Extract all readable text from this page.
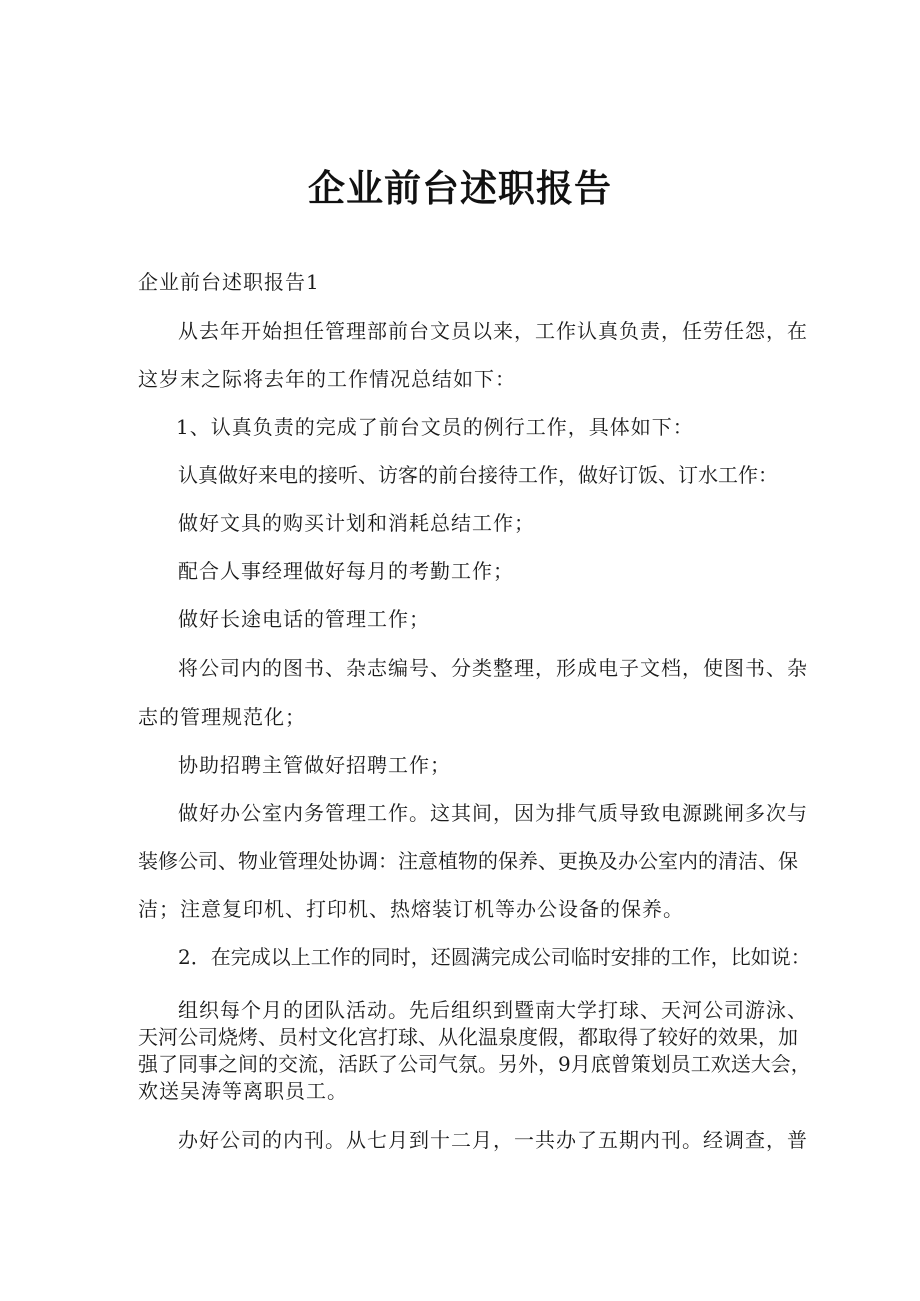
企业前台述职报告
企业前台述职报告1
从去年开始担任管理部前台文员以来，工作认真负责，任劳任怨，在
这岁末之际将去年的工作情况总结如下：
1、认真负责的完成了前台文员的例行工作，具体如下：
认真做好来电的接听、访客的前台接待工作，做好订饭、订水工作：
做好文具的购买计划和消耗总结工作；
配合人事经理做好每月的考勤工作；
做好长途电话的管理工作；
将公司内的图书、杂志编号、分类整理，形成电子文档，使图书、杂
志的管理规范化；
协助招聘主管做好招聘工作；
做好办公室内务管理工作。这其间，因为排气质导致电源跳闸多次与
装修公司、物业管理处协调：注意植物的保养、更换及办公室内的清洁、保
洁；注意复印机、打印机、热熔装订机等办公设备的保养。
2．在完成以上工作的同时，还圆满完成公司临时安排的工作，比如说：
组织每个月的团队活动。先后组织到暨南大学打球、天河公司游泳、
天河公司烧烤、员村文化宫打球、从化温泉度假，都取得了较好的效果，加
强了同事之间的交流，活跃了公司气氛。另外，9月底曾策划员工欢送大会，
欢送吴涛等离职员工。
办好公司的内刊。从七月到十二月，一共办了五期内刊。经调查，普
